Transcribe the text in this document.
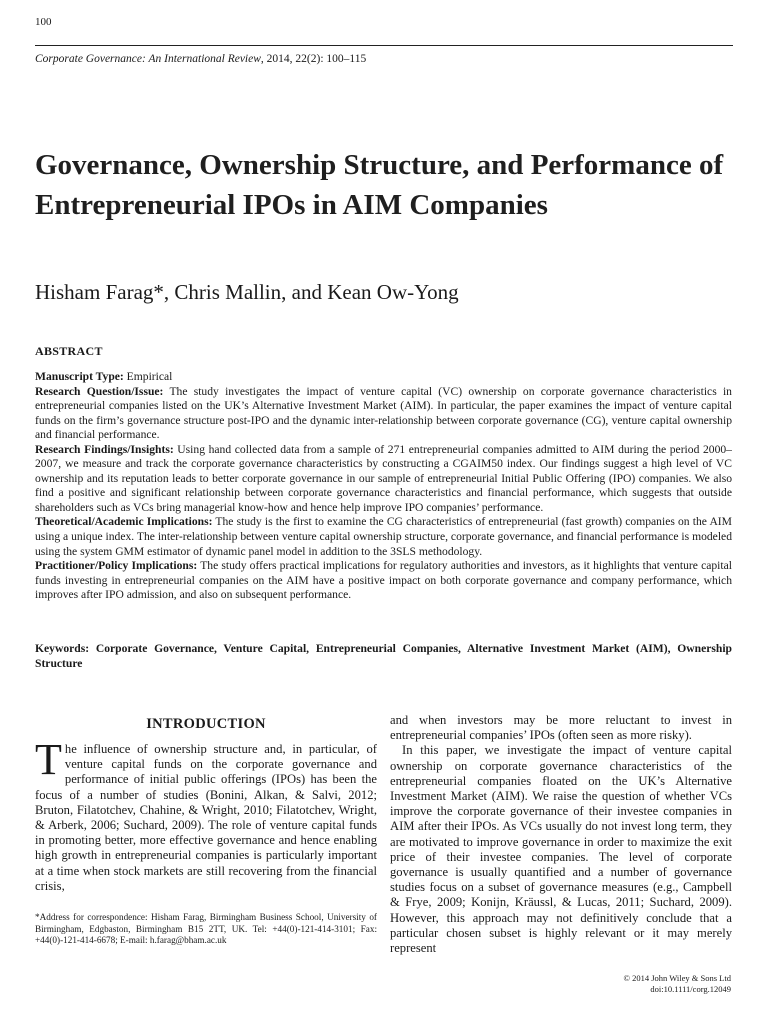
100
Corporate Governance: An International Review, 2014, 22(2): 100–115
Governance, Ownership Structure, and Performance of Entrepreneurial IPOs in AIM Companies
Hisham Farag*, Chris Mallin, and Kean Ow-Yong
ABSTRACT

Manuscript Type: Empirical

Research Question/Issue: The study investigates the impact of venture capital (VC) ownership on corporate governance characteristics in entrepreneurial companies listed on the UK’s Alternative Investment Market (AIM). In particular, the paper examines the impact of venture capital funds on the firm’s governance structure post-IPO and the dynamic inter-relationship between corporate governance (CG), venture capital ownership and financial performance.

Research Findings/Insights: Using hand collected data from a sample of 271 entrepreneurial companies admitted to AIM during the period 2000–2007, we measure and track the corporate governance characteristics by constructing a CGAIM50 index. Our findings suggest a high level of VC ownership and its reputation leads to better corporate governance in our sample of entrepreneurial Initial Public Offering (IPO) companies. We also find a positive and significant relationship between corporate governance characteristics and financial performance, which suggests that outside shareholders such as VCs bring managerial know-how and hence help improve IPO companies’ performance.

Theoretical/Academic Implications: The study is the first to examine the CG characteristics of entrepreneurial (fast growth) companies on the AIM using a unique index. The inter-relationship between venture capital ownership structure, corporate governance, and financial performance is modeled using the system GMM estimator of dynamic panel model in addition to the 3SLS methodology.

Practitioner/Policy Implications: The study offers practical implications for regulatory authorities and investors, as it highlights that venture capital funds investing in entrepreneurial companies on the AIM have a positive impact on both corporate governance and company performance, which improves after IPO admission, and also on subsequent performance.

Keywords: Corporate Governance, Venture Capital, Entrepreneurial Companies, Alternative Investment Market (AIM), Ownership Structure
INTRODUCTION

The influence of ownership structure and, in particular, of venture capital funds on the corporate governance and performance of initial public offerings (IPOs) has been the focus of a number of studies (Bonini, Alkan, & Salvi, 2012; Bruton, Filatotchev, Chahine, & Wright, 2010; Filatotchev, Wright, & Arberk, 2006; Suchard, 2009). The role of venture capital funds in promoting better, more effective governance and hence enabling high growth in entrepreneurial companies is particularly important at a time when stock markets are still recovering from the financial crisis,

and when investors may be more reluctant to invest in entrepreneurial companies’ IPOs (often seen as more risky).

In this paper, we investigate the impact of venture capital ownership on corporate governance characteristics of the entrepreneurial companies floated on the UK’s Alternative Investment Market (AIM). We raise the question of whether VCs improve the corporate governance of their investee companies in AIM after their IPOs. As VCs usually do not invest long term, they are motivated to improve governance in order to maximize the exit price of their investee companies. The level of corporate governance is usually quantified and a number of governance studies focus on a subset of governance measures (e.g., Campbell & Frye, 2009; Konijn, Kräussl, & Lucas, 2011; Suchard, 2009). However, this approach may not definitively conclude that a particular chosen subset is highly relevant or it may merely represent

*Address for correspondence: Hisham Farag, Birmingham Business School, University of Birmingham, Edgbaston, Birmingham B15 2TT, UK. Tel: +44(0)-121-414-3101; Fax: +44(0)-121-414-6678; E-mail: h.farag@bham.ac.uk
© 2014 John Wiley & Sons Ltd
doi:10.1111/corg.12049
